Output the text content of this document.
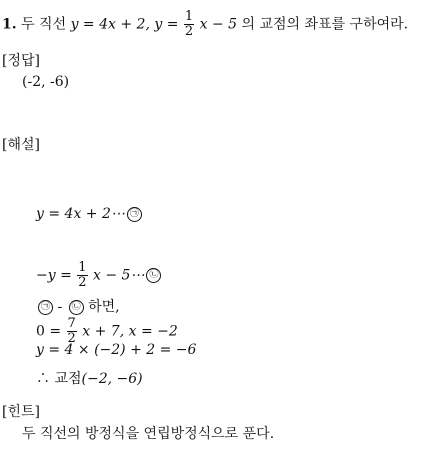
1. 두 직선 y = 4x + 2, $y = \frac{1}{2}$ x − 5 의 교점의 좌표를 구하여라.
[정답]
(-2, -6)
[해설]
y = 4x + 2⋯ ㉠
$-y = \frac{1}{2}$ x − 5⋯ ㉡
㉠ - ㉡ 하면,
$0 = \frac{7}{2}$ x + 7, x = −2
y = 4 × (−2) + 2 = −6
∴ 교점(−2, −6)
[힌트]
두 직선의 방정식을 연립방정식으로 푼다.
